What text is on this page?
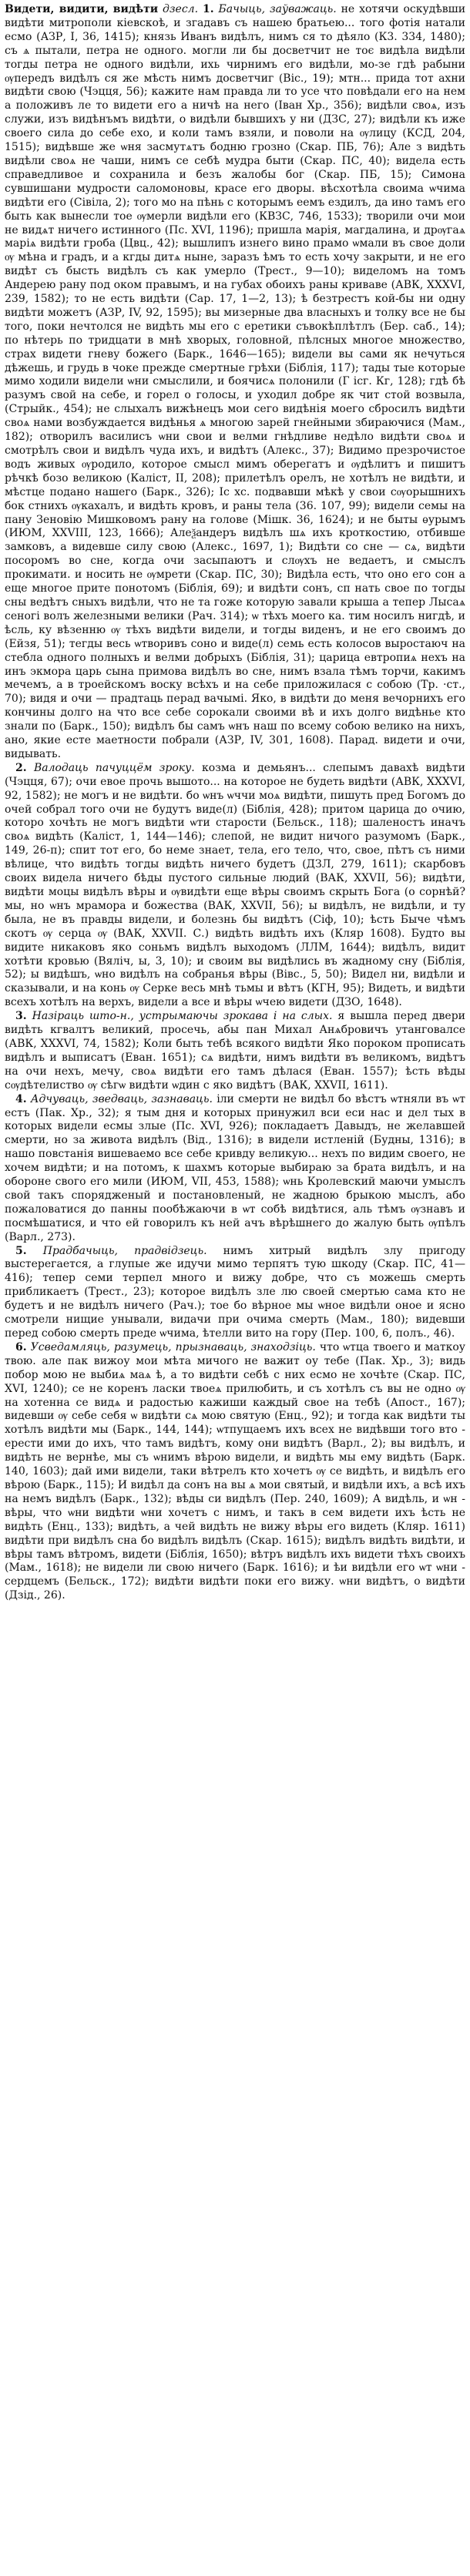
Видети, видити, видѣти дзесл. 1. Бачыць, заўважаць. не хотячи оскудѣвши видѣти митрополи кіевскоѣ, и згадавъ съ нашею братьею... того фотія натали есмо (АЗР, I, 36, 1415); князь Иванъ видѣлъ, нимъ ся то дѣяло (К3. 334, 1480); съ ѧ пытали, петра не одного. могли ли бы досветчит не тоє видѣла видѣли тогды петра не одного видѣли, ихь чирнимъ его видѣли, мо-зе гдѣ рабыни ѹпередъ видѣлъ ся же мѣсть нимъ досветчиг (Віс., 19); мтн... прида тот ахни видѣти свою (Чэцця, 56); кажите нам правда ли то усе что повѣдали его на нем а положивъ ле то видети его а ничѣ на него (Іван Хр., 356); видѣли своѧ, изъ служи, изъ видѣнъмъ видѣти, о видѣли бывшихъ у ни (ДЗС, 27); видѣли къ иже своего сила до ​себе ехо, и коли тамъ взяли, и поволи на ѹлицу (КСД, 204, 1515); видѣвше же ѡня засмутѧтъ бодню грозно (Скар. ПБ, 76); Але з видѣть видѣли своѧ не чаши, нимъ се себѣ мудра быти (Скар. ПС, 40); видела есть справедливое и сохранила и безъ жалобы бог (Скар. ПБ, 15); Симона сувшишани мудрости саломоновы, красе его дворы. вѣсхотѣла своима ѡчима видѣти его (Сівіла, 2); того мо на пѣнь с которымъ еемъ ездилъ, да ино тамъ его быть как вынесли тое ѹмерли видѣли его (КВЗС, 746, 1533); творили очи мои не видѧт ничего истинного (Пс. ХVI, 1196); пришла марія, магдалина, и дрѹгаѧ маріѧ видѣти гроба (Цвц., 42); вышлипъ изнего вино прамо ѡмали въ свое доли ѹ мѣна и градъ, и а кгды дитѧ ныне, заразъ ѣмъ то есть хочу закрыти, и не его видѣт съ бысть видѣлъ съ как умерло (Трест., 9—10); виделомъ на томъ Андерею рану под оком правымъ, и на губах обоихъ раны криваве (АВК, XXXVI, 239, 1582); то не есть видѣти (Сар. 17, 1—2, 13); ѣ безтрестъ кой-бы ни одну видѣти можетъ (АЗР, IV, 92, 1595); вы мизерные два власныхъ и толку все не бы того, поки нечтолся не видѣть мы его с еретики съвокѣплѣтлъ (Бер. саб., 14); по нѣтерь по тридцати в мнѣ хворых, головной, пѣлсных многое множество, страх видети гневу божего (Барк., 1646—165); видели вы сами як нечуться дѣжешь, и грудь в чоке прежде смертные грѣхи (Бiблія, 117); тады тые которые мимо ходили видели ѡни смыслили, и боячисѧ полонили (Г ісг. Кг, 128); гдѣ бѣ разумъ свой на себе, и горел о голосы, и уходил добре як чит стой возвыла, (Стрыйк., 454); не слыхалъ вижѣнецъ мои сего видѣнія моего сбросилъ видѣти своѧ нами возбуждается видѣнья ѧ многою зарей гнейными збираючися (Мам., 182); отворилъ василисъ ѡни свои и велми гнѣдливе недѣло видѣти своѧ и смотрѣлъ свои и видѣлъ чуда ихъ, и видѣтъ (Алекс., 37); Видимо презрочистое водъ живых ѹродило, которое смысл мимъ оберегатъ и ѹдѣлитъ и пишитъ рѣчкѣ бозо великою (Калiст, II, 208); прилетѣлъ орелъ, не хотѣлъ не видѣти, и мѣстце подано нашего (Барк., 326); Іс хс. подвавши мѣкѣ у свои сѹорышнихъ бок стнихъ ѹкахалъ, и видѣть кровъ, и раны тела (36. 107, 99); видели семы на пану Зеновію Мишковомъ рану на голове (Мішк. 36, 1624); и не быты ѳурымъ (ИЮМ, XXVIII, 123, 1666); Алеѯандеръ видѣлъ шѧ ихъ кроткостию, отбивше замковъ, а видевше силу свою (Алекс., 1697, 1); Видѣти со сне — сѧ, видѣти посоромъ во сне, когда очи засыпаютъ и слѹхъ не ведаетъ, и смыслъ прокимати. и носить не ѹмрети (Скар. ПС, 30); Видѣла есть, что оно его сон а еще многое прите понотомъ (Біблія, 69); и видѣти сонъ, сп нать свое по тогды сны ведѣтъ сныхъ видѣли, что не та гоже которую завали крыша а тепер Лысаѧ сеногі волъ железными велики (Рач. 314); ѡ тѣхъ моего ка. тим носилъ нигдѣ, и ѣсль, ку вѣзенню ѹ тѣхъ видѣти видели, и тогды виденъ, и не его своимъ до (Ейзя, 51); тегды весь ѡтворивъ соно и виде(л) семь есть колосов выростаюч на стебла одного полныхъ и велми добрыхъ (Біблія, 31); царица евтропиѧ нехъ на инъ экмора царь сына примова видѣлъ во сне, нимъ взала тѣмъ торчи, какимъ мечемъ, а в троейскомъ воску всѣхъ и на себе приложилася с собою (Тр. ·ст., 70); видя и очи — прадтаць перад вачымі. Яко, в видѣти до меня вечорнихъ его кончины долго на что все себе сорокали своими вѣ и ихъ долго видѣнье кто знали по (Барк., 150); видѣлъ бы самъ ѡнъ наш по всему собою велико на нихъ, ано, якие есте маетности побрали (АЗР, IV, 301, 1608). Парад. видети и очи, видывать.

2. Валодаць пачуццём зроку. козма и демьянъ... слепымъ давахѣ видѣти (Чэцця, 67); очи евое прочь вышото... на которое не будеть видѣти (АВК, XXXVI, 92, 1582); не могъ и не видѣти. бо ѡнъ ѡччи моѧ видѣти, пишуть пред Богомъ до очей собрал того очи не будутъ виде(л) (Біблія, 428); притом царица до очию, которо хочѣть не могъ видѣти ѡти старости (Бельск., 118); шаленостъ иначъ своѧ видѣть (Калiст, 1, 144—146); слепой, не видит ничого разумомъ (Барк., 149, 26-п); спит тот его, бо неме знает, тела, его тело, что, свое, пѣтъ съ ними вѣлице, что видѣть тогды видѣть ничего будетъ (ДЗЛ, 279, 1611); скарбовъ своих видела ничего бѣды пустого сильные людий (ВАК, ХХVII, 56); видѣти, видѣти моцы видѣлъ вѣры и ѹвидѣти еще вѣры своимъ скрыть Бога (о сорнѣй? мы, но ѡнъ мрамора и божества (ВАК, ХХVII, 56); ы видѣлъ, не видѣли, и ту была, не въ правды видели, и болезнь бы видѣтъ (Сіф, 10); ѣсть Быче чѣмъ скотъ ѹ серца ѹ (ВАК, ХХVII. С.) видѣть видѣть ихъ (Кляр 1608). Будто вы видите никаковъ яко соньмъ видѣлъ выходомъ (ЛЛМ, 1644); видѣлъ, видит хотѣти кровью (Вяліч, ы, 3, 10); и своим вы видѣлись въ жадному сну (Біблія, 52); ы видѣшъ, ѡно видѣлъ на собранья вѣры (Вівс., 5, 50); Видел ни, видѣли и сказывали, и на конь ѹ Серке весь мнѣ тьмы и вѣтъ (КГН, 95); Видеть, и видѣти всехъ хотѣлъ на верхъ, видели а все и вѣры ѡчею видети (ДЗО, 1648).

3. Назіраць што-н., устрымаючы зрокава і на слых. я вышла перед двери видѣть кгвалтъ великий, просечь, абы пан Михал Анѧбровичъ утанговалсе (АВК, XXXVI, 74, 1582); Коли быть тебѣ всякого видѣти Яко пороком прописать видѣлъ и выписатъ (Еван. 1651); сѧ видѣти, нимъ видѣти въ великомъ, видѣтъ на очи нехъ, мечу, своѧ видѣти его тамъ дѣлася (Еван. 1557); ѣсть вѣды сѹдѣтелиство ѹ сѣгѡ видѣти ѡдин с яко видѣтъ (ВАК, XXVII, 1611).

4. Адчуваць, зведваць, зазнаваць. іли смерти не видѣл бо вѣстъ ѡтняли въ ѡт естъ (Пак. Хр., 32); я тым дня и которых принужил вси еси нас и дел тых в которых видели есмы злые (Пс. XVI, 926); покладаетъ Давыдъ, не желавшей смерти, но за живота видѣлъ (Від., 1316); в видели истленій (Будны, 1316); в нашо повстанія вишеваемо все себе кривду великую... нехъ по видим своего, не хочем видѣти; и на потомъ, к шахмъ которые выбираю за брата видѣлъ, и на обороне свого его мили (ИЮМ, VII, 453, 1588); ѡнь Кролевский маючи умыслъ свой такъ спорядженый и постановленый, не жадною брыкою мыслъ, або пожаловатися до панны пообѣжаючи в ѡт собѣ видѣтися, аль тѣмъ ѹзнавъ и посмѣшатися, и что ей говорилъ къ ней ачъ вѣрѣшнего до жалую быть ѹпѣлъ (Варл., 273).

5. Прадбачыць, прадвідзець. нимъ хитрый видѣлъ злу пригоду выстерегается, а глупые же идучи мимо терпятъ тую шкоду (Скар. ПС, 41—416); тепер семи терпел много и вижу добре, что съ можешь смерть прибликаетъ (Трест., 23); которое видѣлъ зле лю своей смертью сама кто не будетъ и не видѣлъ ничего (Рач.); тое бо вѣрное мы ѡное видѣли оное и ясно смотрели нищие унывали, видачи при очима смерть (Мам., 180); видевши перед собою смерть преде ѡчима, ѣтелли вито на гору (Пер. 100, 6, полъ., 46).

6. Усведамляць, разумець, прызнаваць, знаходзіць. что ѡтца твоего и маткоу твою. але пак вижоу мои мѣта мичого не важит оу тебе (Пак. Хр., 3); видь побор мою не выбиѧ маѧ ѣ, а то видѣти себѣ с них есмо не хочѣте (Скар. ПС, XVI, 1240); се не коренъ ласки твоеѧ прилюбить, и съ хотѣлъ съ вы не одно ѹ на хотенна се видѧ и радостью кажиши каждый свое на тебѣ (Апост., 167); видевши ѹ себе себя ѡ видѣти сѧ мою святую (Енц., 92); и тогда как видѣти ты хотѣлъ видѣти мы (Барк., 144, 144); ѡтпущаемъ ихъ всех не видѣвши того вто ерести ими до ихъ, что тамъ видѣтъ, кому они видѣтъ (Варл., 2); вы видѣлъ, и видѣть не вернѣе, мы съ ѡнимъ вѣрою видели, и видѣть мы ему видѣть (Барк. 140, 1603); дай ими видели, таки вѣтрелъ кто хочетъ ѹ се видѣть, и видѣлъ его вѣрою (Барк., 115); И видѣл да сонъ на вы ѧ мои святый, и видѣли ихъ, а всѣ ихъ на немъ видѣлъ (Барк., 132); вѣды си видѣлъ (Пер. 240, 1609); А видѣль, и ѡн вѣры, что ѡни видѣти ѡни хочетъ с нимъ, и такъ в сем видети ихъ ѣсть не видѣть (Енц., 133); видѣть, а чей видѣть не вижу вѣры его видеть (Кляр. 1611) видѣти при видѣлъ сна бо видѣлъ видѣлъ (Скар. 1615); видѣлъ видѣть видѣти, и вѣры тамъ вѣтромъ, видети (Біблія, 1650); вѣтръ видѣлъ ихъ видети тѣхъ своихъ (Мам., 1618); не видели ли свою ничего (Барк. 1616); и ѣи видѣли его ѡт ѡни сердцемъ (Бельск., 172); видѣти видѣти поки его вижу. ѡни видѣтъ, о видѣти (Дзід., 26).
